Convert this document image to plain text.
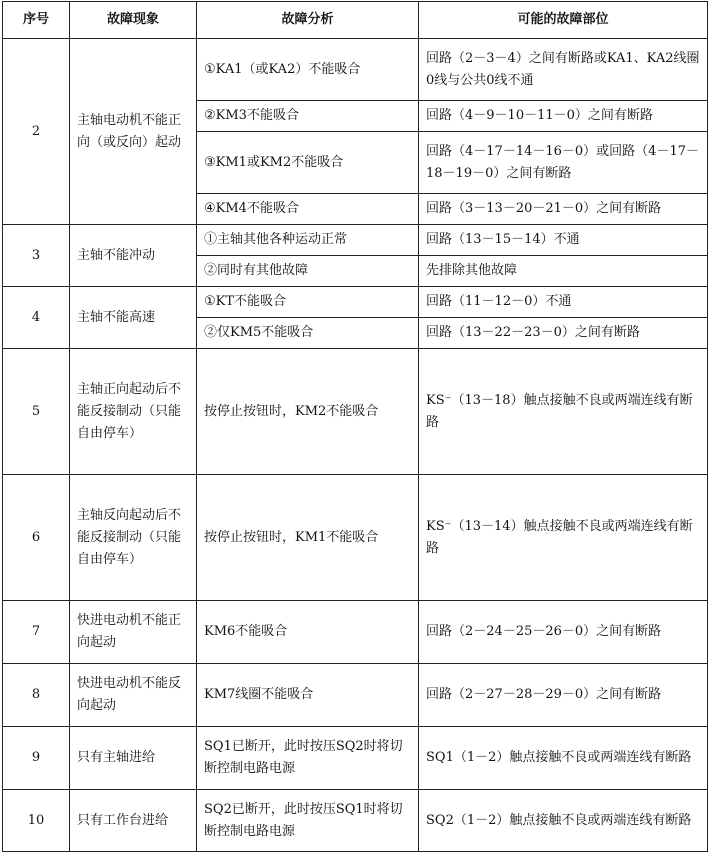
序号	故障现象	故障分析	可能的故障部位
2	主轴电动机不能正向（或反向）起动	①KA1（或KA2）不能吸合	回路（2－3－4）之间有断路或KA1、KA2线圈0线与公共0线不通
		②KM3不能吸合	回路（4－9－10－11－0）之间有断路
		③KM1或KM2不能吸合	回路（4－17－14－16－0）或回路（4－17－18－19－0）之间有断路
		④KM4不能吸合	回路（3－13－20－21－0）之间有断路
3	主轴不能冲动	①主轴其他各种运动正常	回路（13－15－14）不通
		②同时有其他故障	先排除其他故障
4	主轴不能高速	①KT不能吸合	回路（11－12－0）不通
		②仅KM5不能吸合	回路（13－22－23－0）之间有断路
5	主轴正向起动后不能反接制动（只能自由停车）	按停止按钮时，KM2不能吸合	KS⁻（13－18）触点接触不良或两端连线有断路
6	主轴反向起动后不能反接制动（只能自由停车）	按停止按钮时，KM1不能吸合	KS⁻（13－14）触点接触不良或两端连线有断路
7	快进电动机不能正向起动	KM6不能吸合	回路（2－24－25－26－0）之间有断路
8	快进电动机不能反向起动	KM7线圈不能吸合	回路（2－27－28－29－0）之间有断路
9	只有主轴进给	SQ1已断开，此时按压SQ2时将切断控制电路电源	SQ1（1－2）触点接触不良或两端连线有断路
10	只有工作台进给	SQ2已断开，此时按压SQ1时将切断控制电路电源	SQ2（1－2）触点接触不良或两端连线有断路
